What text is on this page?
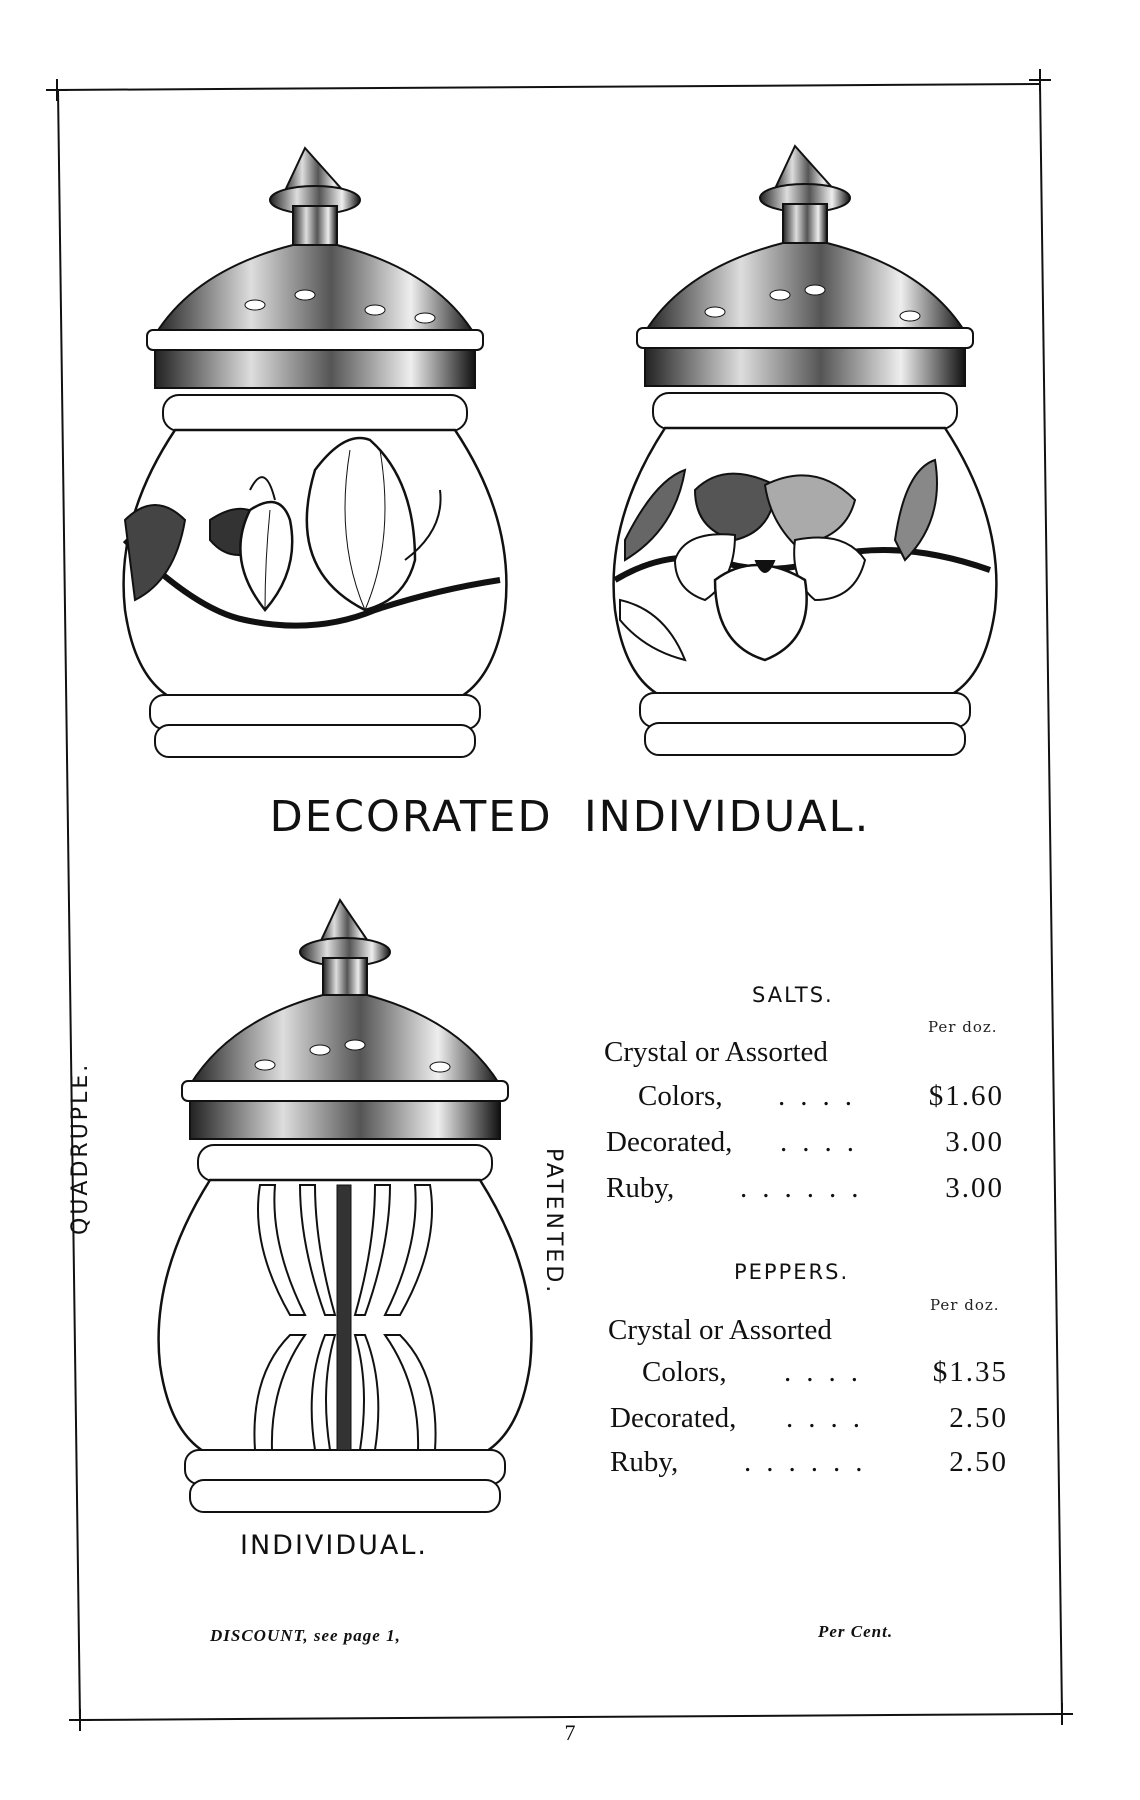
DECORATED INDIVIDUAL.
QUADRUPLE.	PATENTED.
INDIVIDUAL.
SALTS.
Per doz.
Crystal or Assorted
Colors, ....	$1.60
Decorated, ....	3.00
Ruby, ......	3.00
PEPPERS.
Per doz.
Crystal or Assorted
Colors, ....	$1.35
Decorated, ....	2.50
Ruby, ......	2.50
DISCOUNT, see page 1,	Per Cent.
7
